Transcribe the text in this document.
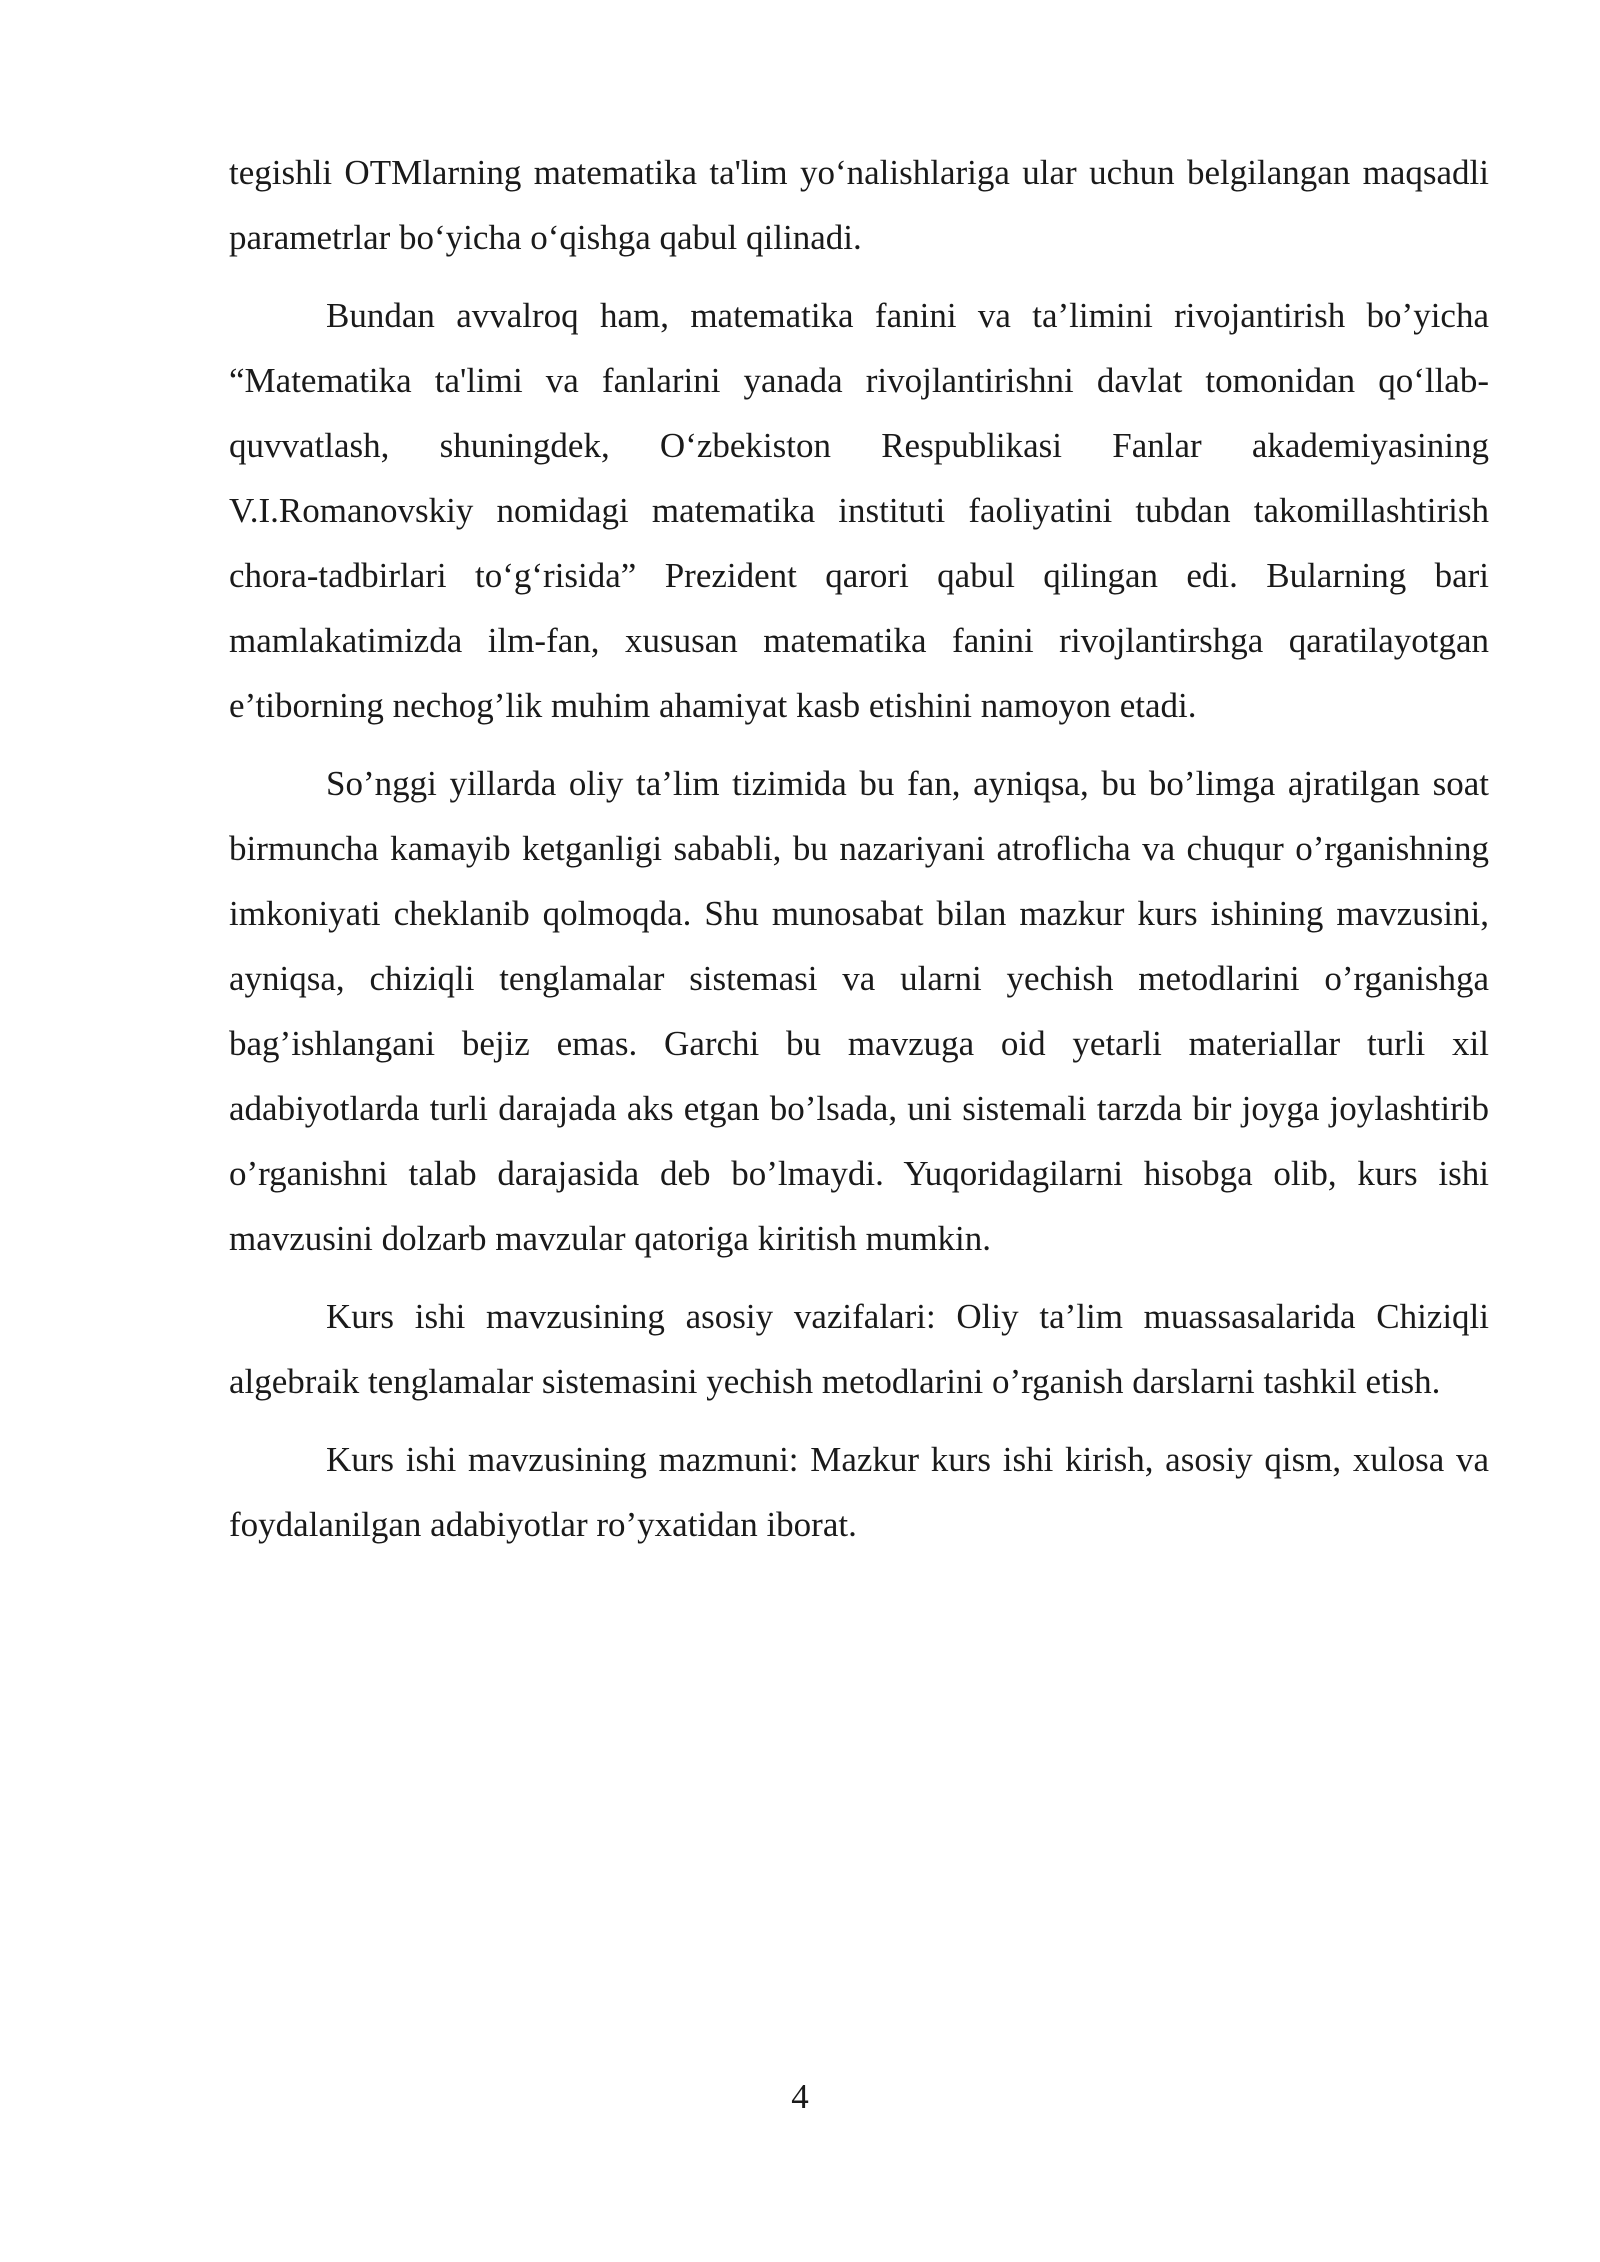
tegishli OTMlarning matematika ta'lim yo‘nalishlariga ular uchun belgilangan maqsadli parametrlar bo‘yicha o‘qishga qabul qilinadi.

Bundan avvalroq ham, matematika fanini va ta’limini rivojantirish bo’yicha “Matematika ta'limi va fanlarini yanada rivojlantirishni davlat tomonidan qo‘llab-quvvatlash, shuningdek, O‘zbekiston Respublikasi Fanlar akademiyasining V.I.Romanovskiy nomidagi matematika instituti faoliyatini tubdan takomillashtirish chora-tadbirlari to‘g‘risida” Prezident qarori qabul qilingan edi. Bularning bari mamlakatimizda ilm-fan, xususan matematika fanini rivojlantirshga qaratilayotgan e’tiborning nechog’lik muhim ahamiyat kasb etishini namoyon etadi.

So’nggi yillarda oliy ta’lim tizimida bu fan, ayniqsa, bu bo’limga ajratilgan soat birmuncha kamayib ketganligi sababli, bu nazariyani atroflicha va chuqur o’rganishning imkoniyati cheklanib qolmoqda. Shu munosabat bilan mazkur kurs ishining mavzusini, ayniqsa, chiziqli tenglamalar sistemasi va ularni yechish metodlarini o’rganishga bag’ishlangani bejiz emas. Garchi bu mavzuga oid yetarli materiallar turli xil adabiyotlarda turli darajada aks etgan bo’lsada, uni sistemali tarzda bir joyga joylashtirib o’rganishni talab darajasida deb bo’lmaydi. Yuqoridagilarni hisobga olib, kurs ishi mavzusini dolzarb mavzular qatoriga kiritish mumkin.

Kurs ishi mavzusining asosiy vazifalari: Oliy ta’lim muassasalarida Chiziqli algebraik tenglamalar sistemasini yechish metodlarini o’rganish darslarni tashkil etish.

Kurs ishi mavzusining mazmuni: Mazkur kurs ishi kirish, asosiy qism, xulosa va foydalanilgan adabiyotlar ro’yxatidan iborat.

4
